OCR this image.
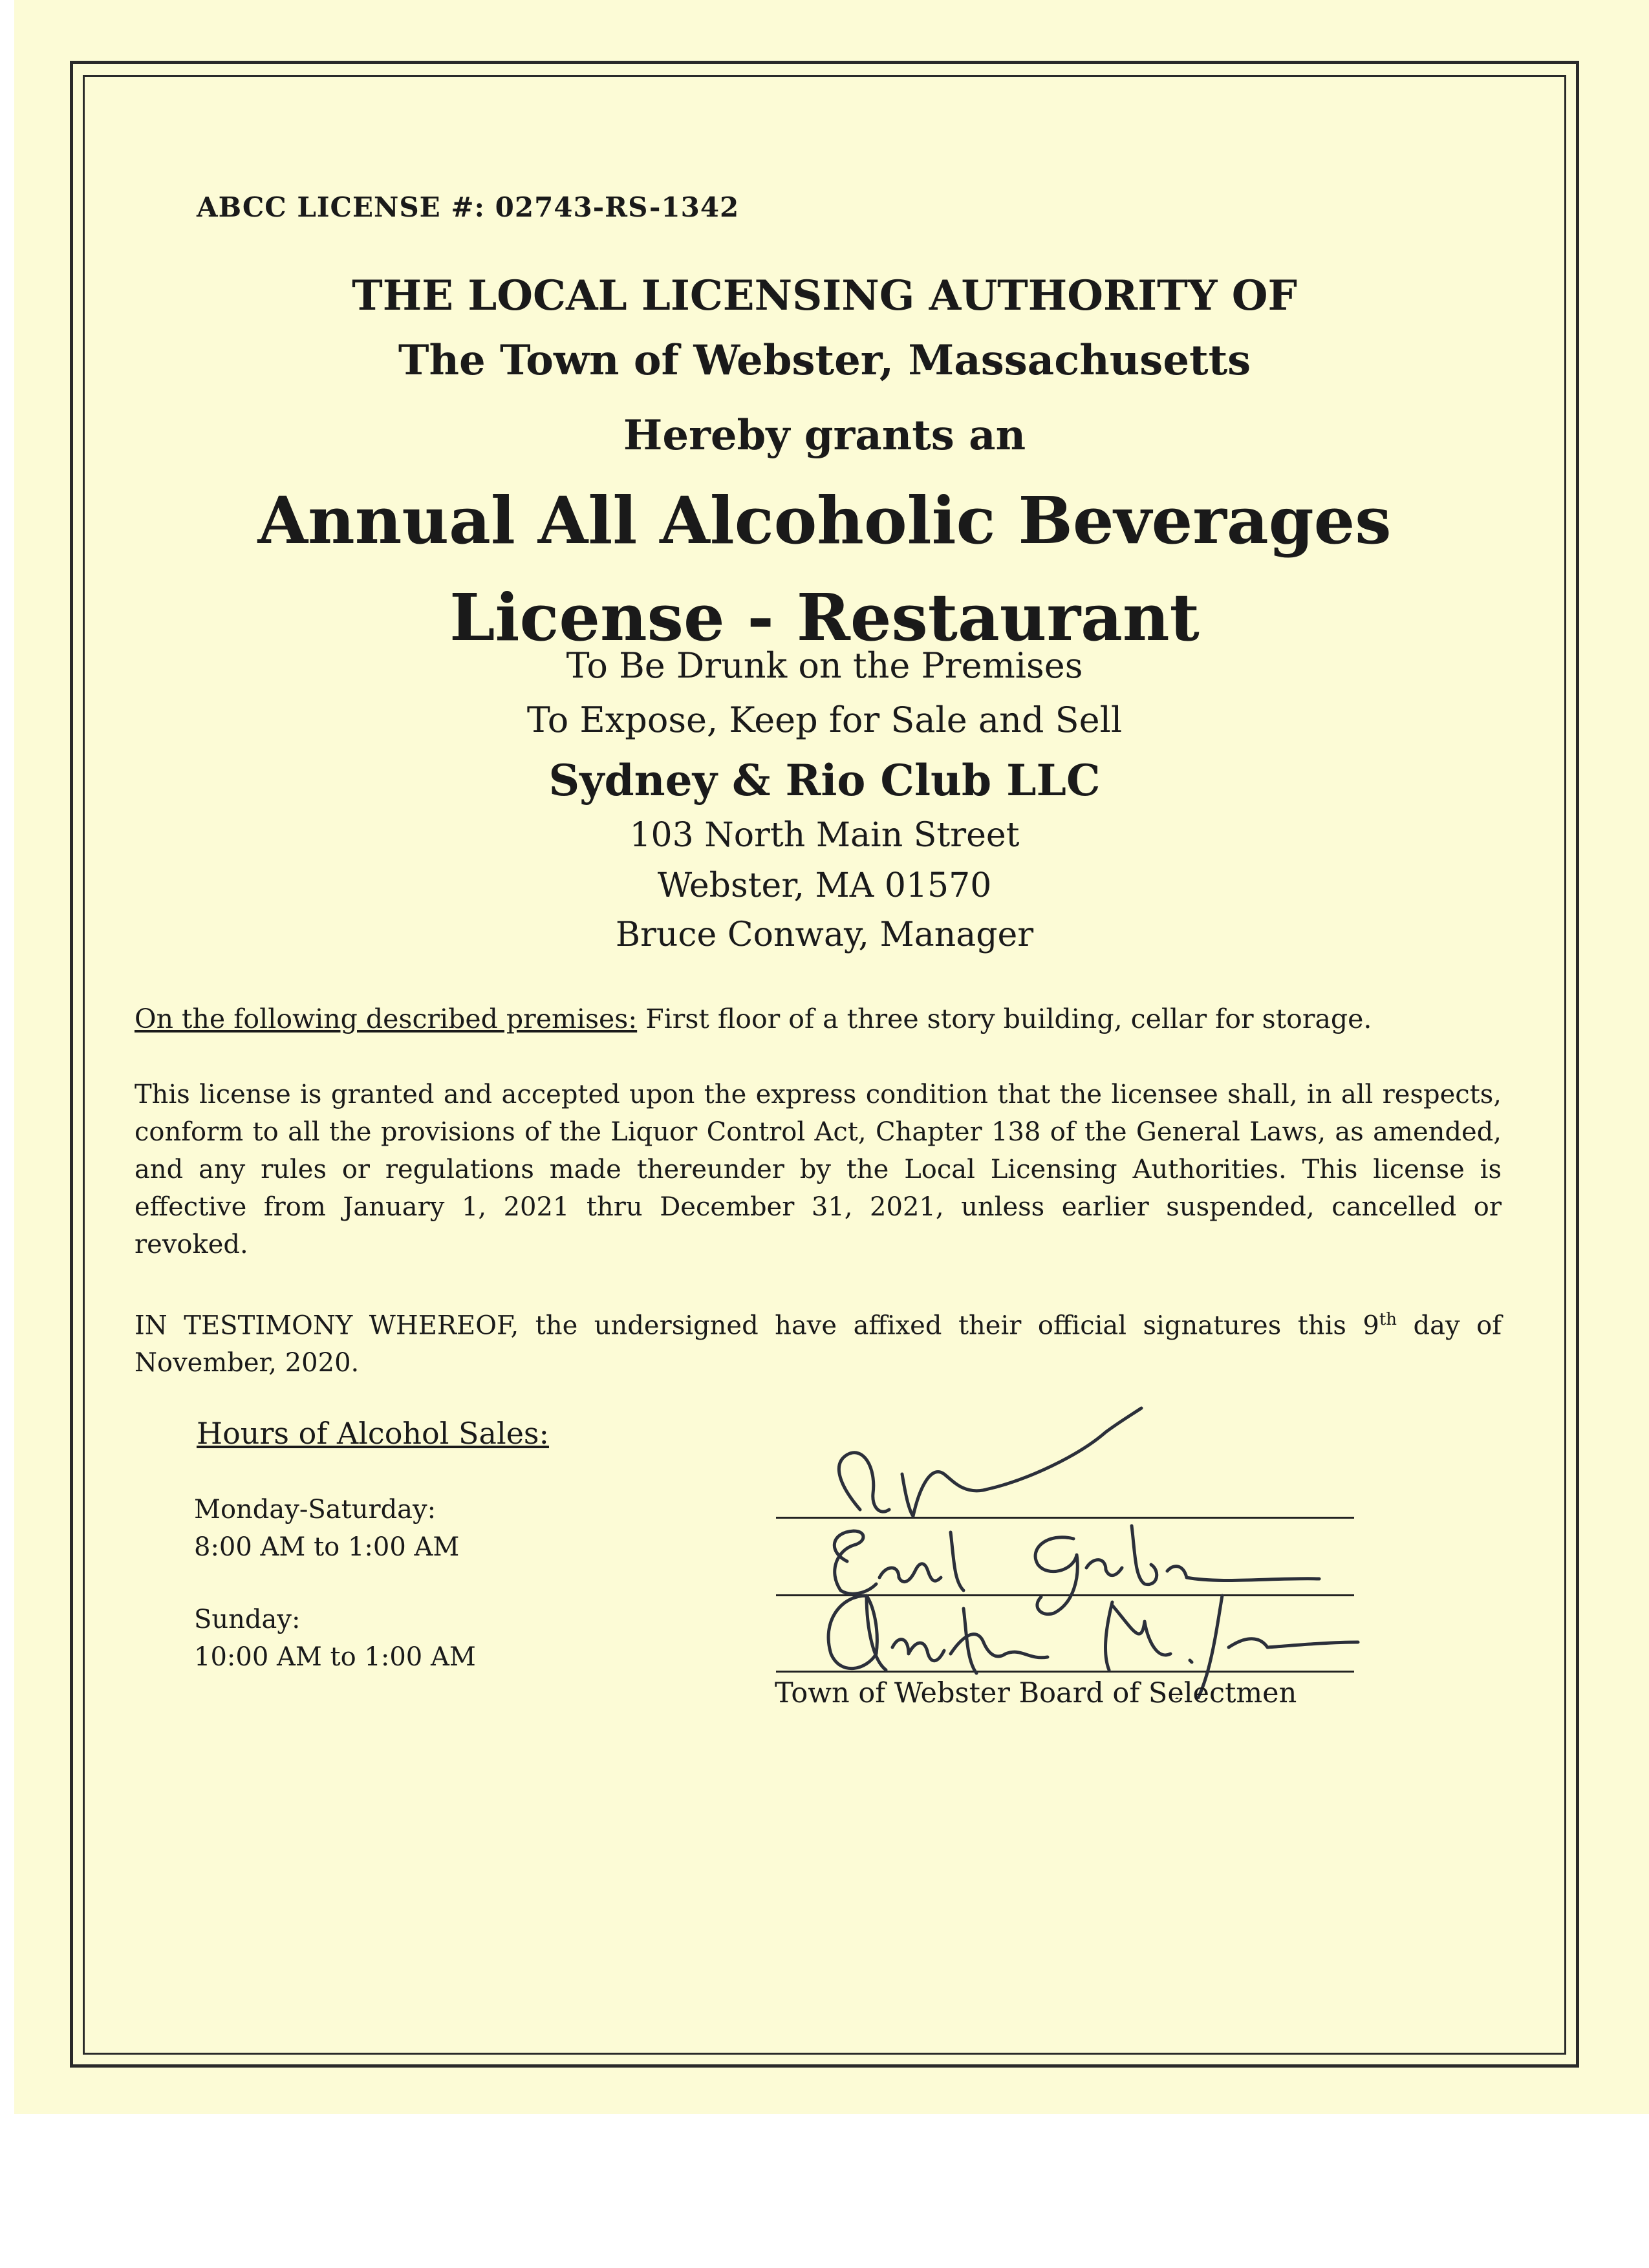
ABCC LICENSE #: 02743-RS-1342

THE LOCAL LICENSING AUTHORITY OF
The Town of Webster, Massachusetts

Hereby grants an

Annual All Alcoholic Beverages
License - Restaurant

To Be Drunk on the Premises

To Expose, Keep for Sale and Sell

Sydney & Rio Club LLC

103 North Main Street

Webster, MA 01570

Bruce Conway, Manager

On the following described premises: First floor of a three story building, cellar for storage.

This license is granted and accepted upon the express condition that the licensee shall, in all respects, conform to all the provisions of the Liquor Control Act, Chapter 138 of the General Laws, as amended, and any rules or regulations made thereunder by the Local Licensing Authorities. This license is effective from January 1, 2021 thru December 31, 2021, unless earlier suspended, cancelled or revoked.

IN TESTIMONY WHEREOF, the undersigned have affixed their official signatures this 9th day of November, 2020.

Hours of Alcohol Sales:

Monday-Saturday:
8:00 AM to 1:00 AM
Sunday:
10:00 AM to 1:00 AM

Town of Webster Board of Selectmen
